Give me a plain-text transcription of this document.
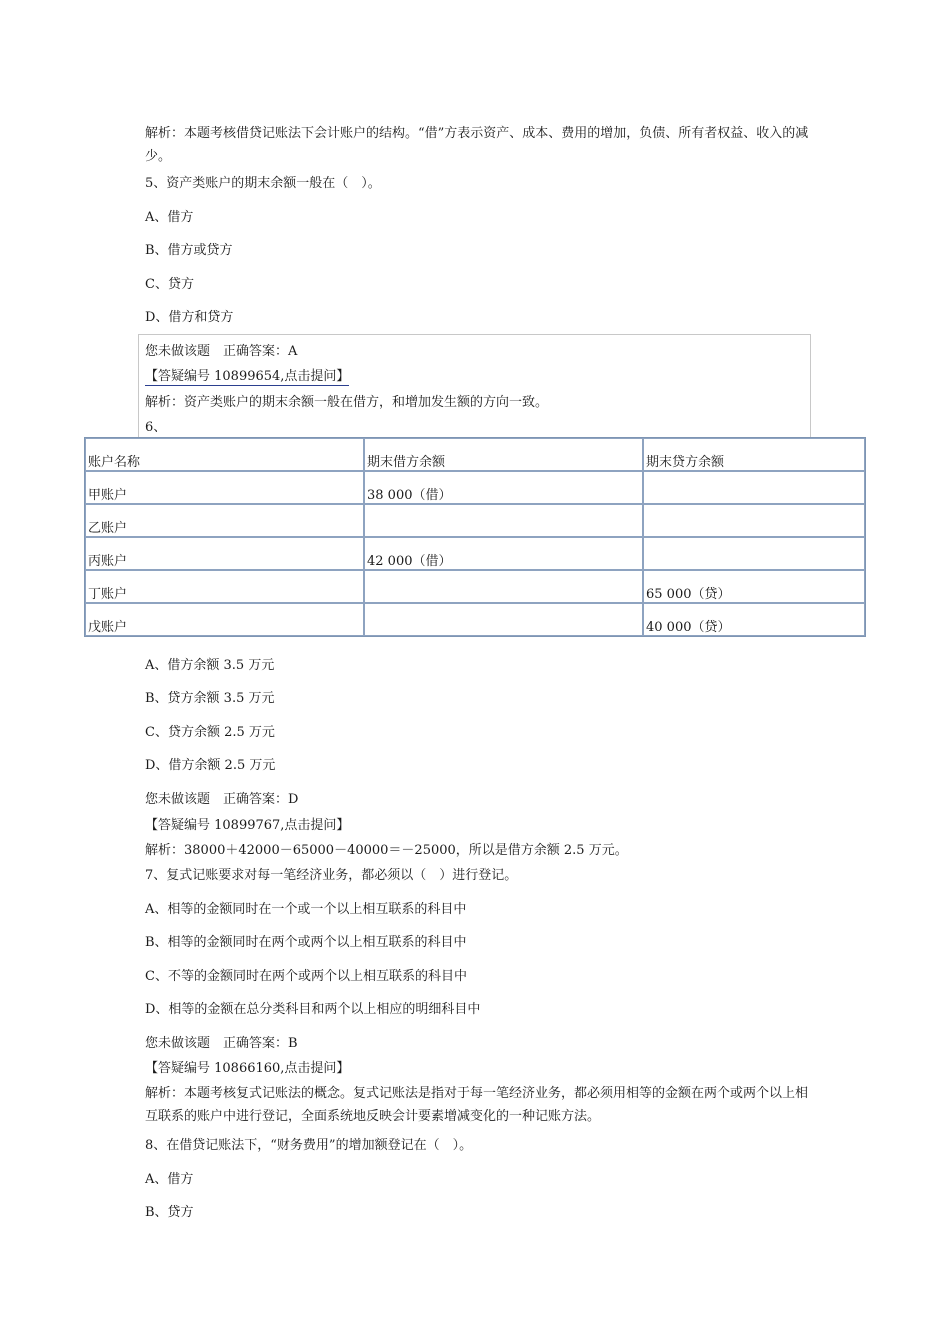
解析：本题考核借贷记账法下会计账户的结构。“借”方表示资产、成本、费用的增加，负债、所有者权益、收入的减少。
5、资产类账户的期末余额一般在（　）。
A、借方
B、借方或贷方
C、贷方
D、借方和贷方
您未做该题　正确答案：A
【答疑编号 10899654,点击提问】
解析：资产类账户的期末余额一般在借方，和增加发生额的方向一致。
6、
账户名称	期末借方余额	期末贷方余额
甲账户	38 000（借）	
乙账户		
丙账户	42 000（借）	
丁账户		65 000（贷）
戊账户		40 000（贷）
A、借方余额 3.5 万元
B、贷方余额 3.5 万元
C、贷方余额 2.5 万元
D、借方余额 2.5 万元
您未做该题　正确答案：D
【答疑编号 10899767,点击提问】
解析：38000＋42000－65000－40000＝－25000，所以是借方余额 2.5 万元。
7、复式记账要求对每一笔经济业务，都必须以（　）进行登记。
A、相等的金额同时在一个或一个以上相互联系的科目中
B、相等的金额同时在两个或两个以上相互联系的科目中
C、不等的金额同时在两个或两个以上相互联系的科目中
D、相等的金额在总分类科目和两个以上相应的明细科目中
您未做该题　正确答案：B
【答疑编号 10866160,点击提问】
解析：本题考核复式记账法的概念。复式记账法是指对于每一笔经济业务，都必须用相等的金额在两个或两个以上相互联系的账户中进行登记，全面系统地反映会计要素增减变化的一种记账方法。
8、在借贷记账法下，“财务费用”的增加额登记在（　）。
A、借方
B、贷方
